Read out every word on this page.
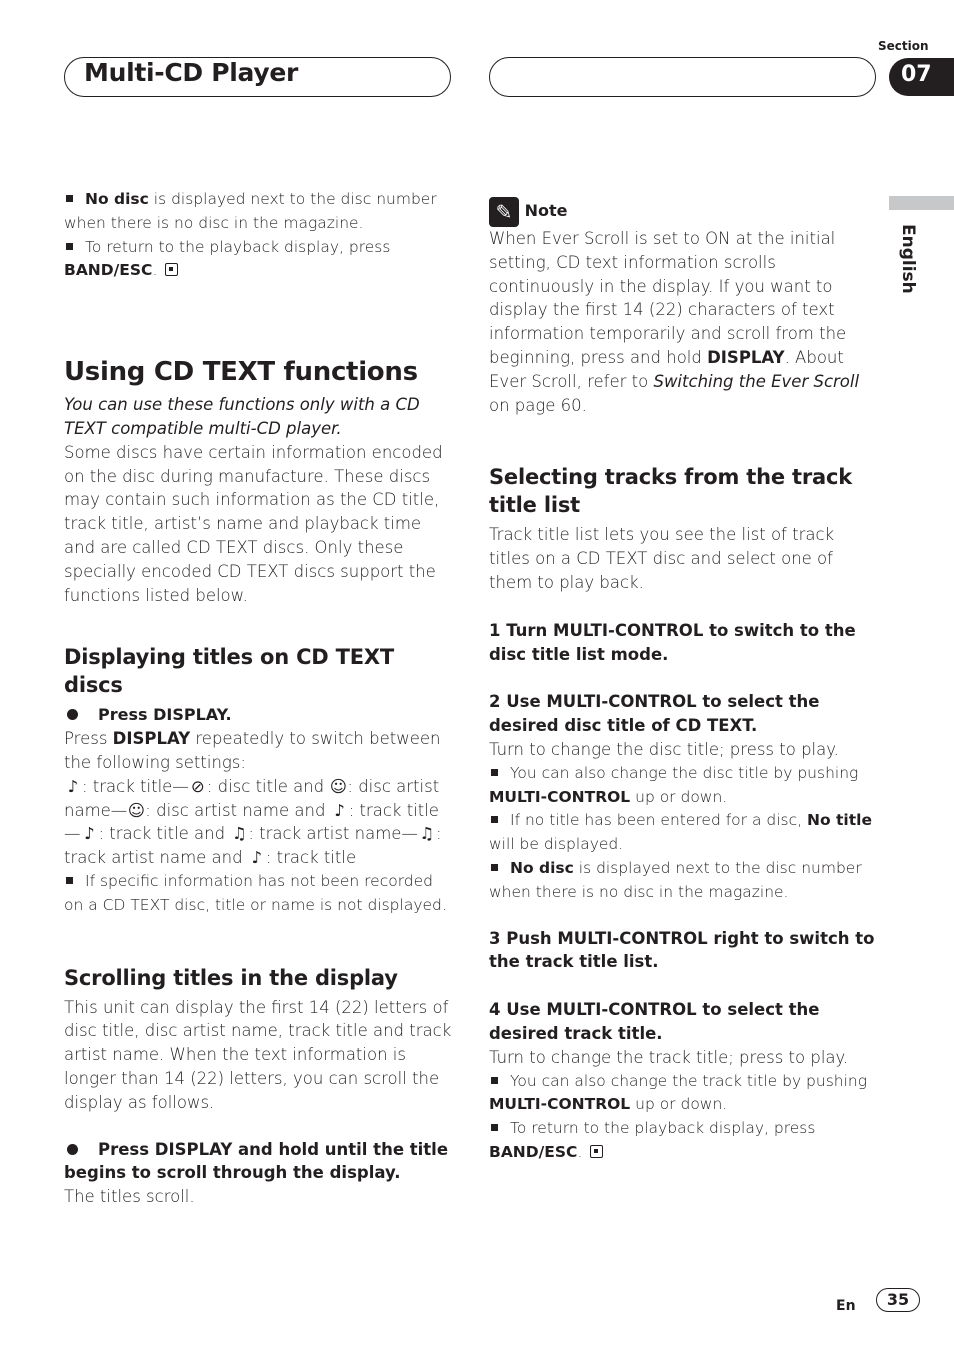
Multi-CD Player
Section
07
English

No disc is displayed next to the disc number when there is no disc in the magazine.

To return to the playback display, press

BAND/ESC.

Using CD TEXT functions

You can use these functions only with a CD TEXT compatible multi-CD player.

Some discs have certain information encoded on the disc during manufacture. These discs may contain such information as the CD title, track title, artist’s name and playback time and are called CD TEXT discs. Only these specially encoded CD TEXT discs support the functions listed below.

Displaying titles on CD TEXT discs

Press DISPLAY.

Press DISPLAY repeatedly to switch between the following settings:

♪ : track title— ⊘ : disc title and ☺: disc artist name—☺: disc artist name and ♪ : track title — ♪ : track title and ♫: track artist name—♫: track artist name and ♪ : track title

If specific information has not been recorded on a CD TEXT disc, title or name is not displayed.

Scrolling titles in the display

This unit can display the first 14 (22) letters of disc title, disc artist name, track title and track artist name. When the text information is longer than 14 (22) letters, you can scroll the display as follows.

Press DISPLAY and hold until the title begins to scroll through the display.

The titles scroll.

✎ Note

When Ever Scroll is set to ON at the initial setting, CD text information scrolls continuously in the display. If you want to display the first 14 (22) characters of text information temporarily and scroll from the beginning, press and hold DISPLAY. About Ever Scroll, refer to Switching the Ever Scroll on page 60.

Selecting tracks from the track title list

Track title list lets you see the list of track titles on a CD TEXT disc and select one of them to play back.

1 Turn MULTI-CONTROL to switch to the disc title list mode.

2 Use MULTI-CONTROL to select the desired disc title of CD TEXT.

Turn to change the disc title; press to play.

You can also change the disc title by pushing MULTI-CONTROL up or down.

If no title has been entered for a disc, No title will be displayed.

No disc is displayed next to the disc number when there is no disc in the magazine.

3 Push MULTI-CONTROL right to switch to the track title list.

4 Use MULTI-CONTROL to select the desired track title.

Turn to change the track title; press to play.

You can also change the track title by pushing MULTI-CONTROL up or down.

To return to the playback display, press

BAND/ESC.

En	35
